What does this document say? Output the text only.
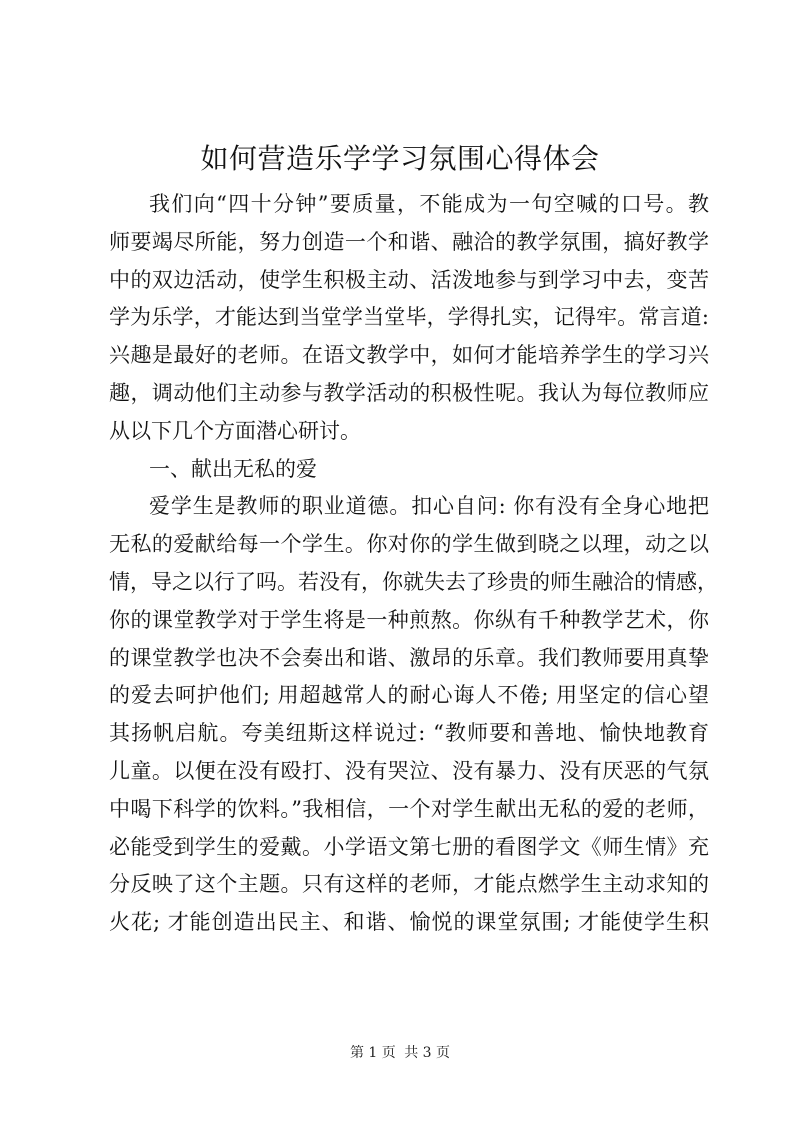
如何营造乐学学习氛围心得体会
我们向“四十分钟”要质量，不能成为一句空喊的口号。教
师要竭尽所能，努力创造一个和谐、融洽的教学氛围，搞好教学
中的双边活动，使学生积极主动、活泼地参与到学习中去，变苦
学为乐学，才能达到当堂学当堂毕，学得扎实，记得牢。常言道:
兴趣是最好的老师。在语文教学中，如何才能培养学生的学习兴
趣，调动他们主动参与教学活动的积极性呢。我认为每位教师应
从以下几个方面潜心研讨。
一、献出无私的爱
爱学生是教师的职业道德。扣心自问: 你有没有全身心地把
无私的爱献给每一个学生。你对你的学生做到晓之以理，动之以
情，导之以行了吗。若没有，你就失去了珍贵的师生融洽的情感，
你的课堂教学对于学生将是一种煎熬。你纵有千种教学艺术，你
的课堂教学也决不会奏出和谐、激昂的乐章。我们教师要用真挚
的爱去呵护他们; 用超越常人的耐心诲人不倦; 用坚定的信心望
其扬帆启航。夸美纽斯这样说过: “教师要和善地、愉快地教育
儿童。以便在没有殴打、没有哭泣、没有暴力、没有厌恶的气氛
中喝下科学的饮料。”我相信，一个对学生献出无私的爱的老师，
必能受到学生的爱戴。小学语文第七册的看图学文《师生情》充
分反映了这个主题。只有这样的老师，才能点燃学生主动求知的
火花; 才能创造出民主、和谐、愉悦的课堂氛围; 才能使学生积
第 1 页 共 3 页
